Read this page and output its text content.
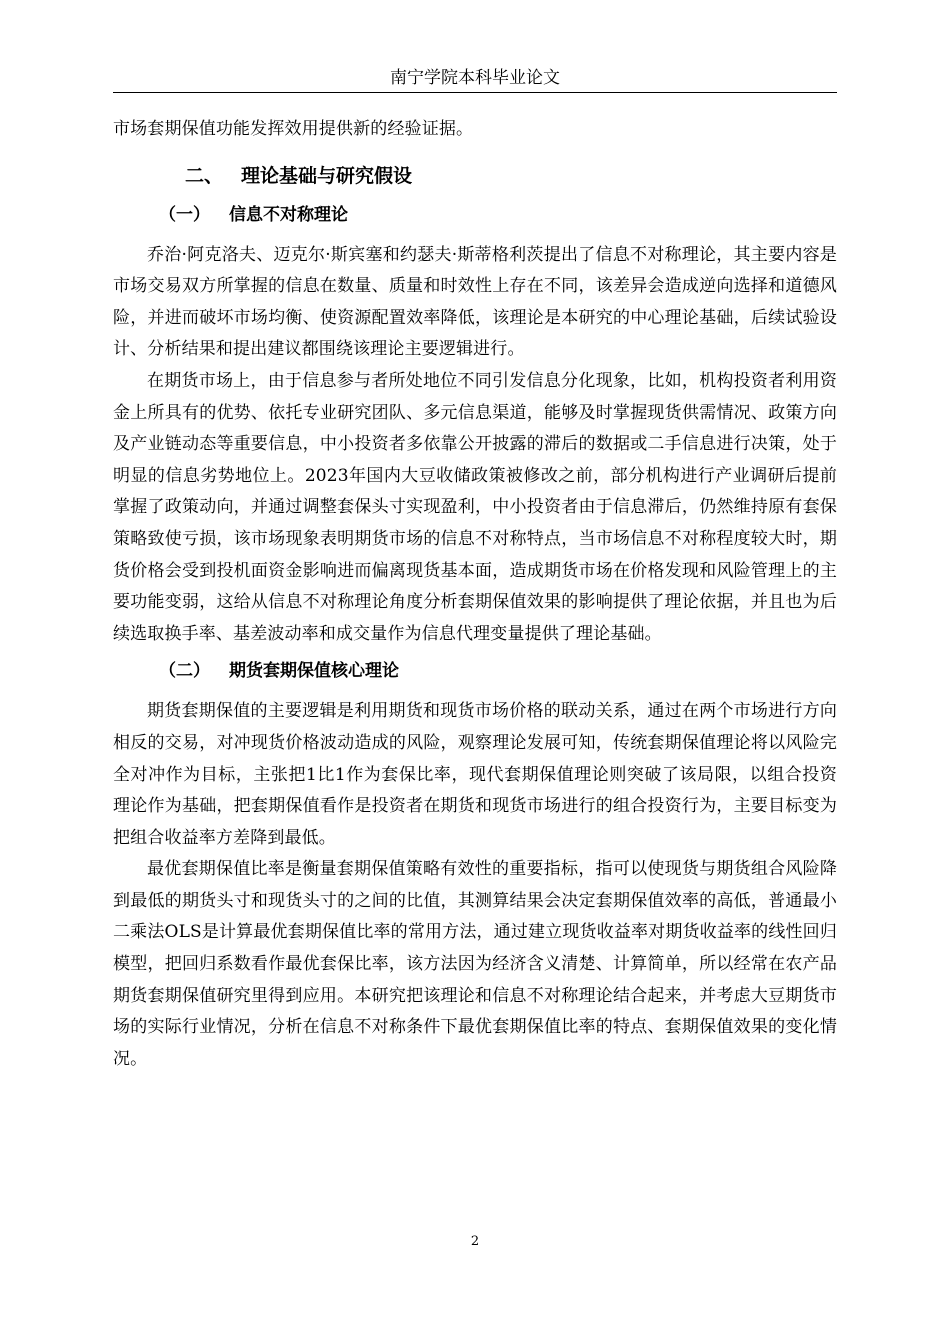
南宁学院本科毕业论文

市场套期保值功能发挥效用提供新的经验证据。

二、 理论基础与研究假设
（一） 信息不对称理论

乔治·阿克洛夫、迈克尔·斯宾塞和约瑟夫·斯蒂格利茨提出了信息不对称理论，其主要内容是市场交易双方所掌握的信息在数量、质量和时效性上存在不同，该差异会造成逆向选择和道德风险，并进而破坏市场均衡、使资源配置效率降低，该理论是本研究的中心理论基础，后续试验设计、分析结果和提出建议都围绕该理论主要逻辑进行。

在期货市场上，由于信息参与者所处地位不同引发信息分化现象，比如，机构投资者利用资金上所具有的优势、依托专业研究团队、多元信息渠道，能够及时掌握现货供需情况、政策方向及产业链动态等重要信息，中小投资者多依靠公开披露的滞后的数据或二手信息进行决策，处于明显的信息劣势地位上。2023年国内大豆收储政策被修改之前，部分机构进行产业调研后提前掌握了政策动向，并通过调整套保头寸实现盈利，中小投资者由于信息滞后，仍然维持原有套保策略致使亏损，该市场现象表明期货市场的信息不对称特点，当市场信息不对称程度较大时，期货价格会受到投机面资金影响进而偏离现货基本面，造成期货市场在价格发现和风险管理上的主要功能变弱，这给从信息不对称理论角度分析套期保值效果的影响提供了理论依据，并且也为后续选取换手率、基差波动率和成交量作为信息代理变量提供了理论基础。

（二） 期货套期保值核心理论

期货套期保值的主要逻辑是利用期货和现货市场价格的联动关系，通过在两个市场进行方向相反的交易，对冲现货价格波动造成的风险，观察理论发展可知，传统套期保值理论将以风险完全对冲作为目标，主张把1比1作为套保比率，现代套期保值理论则突破了该局限，以组合投资理论作为基础，把套期保值看作是投资者在期货和现货市场进行的组合投资行为，主要目标变为把组合收益率方差降到最低。

最优套期保值比率是衡量套期保值策略有效性的重要指标，指可以使现货与期货组合风险降到最低的期货头寸和现货头寸的之间的比值，其测算结果会决定套期保值效率的高低，普通最小二乘法OLS是计算最优套期保值比率的常用方法，通过建立现货收益率对期货收益率的线性回归模型，把回归系数看作最优套保比率，该方法因为经济含义清楚、计算简单，所以经常在农产品期货套期保值研究里得到应用。本研究把该理论和信息不对称理论结合起来，并考虑大豆期货市场的实际行业情况，分析在信息不对称条件下最优套期保值比率的特点、套期保值效果的变化情况。

2
